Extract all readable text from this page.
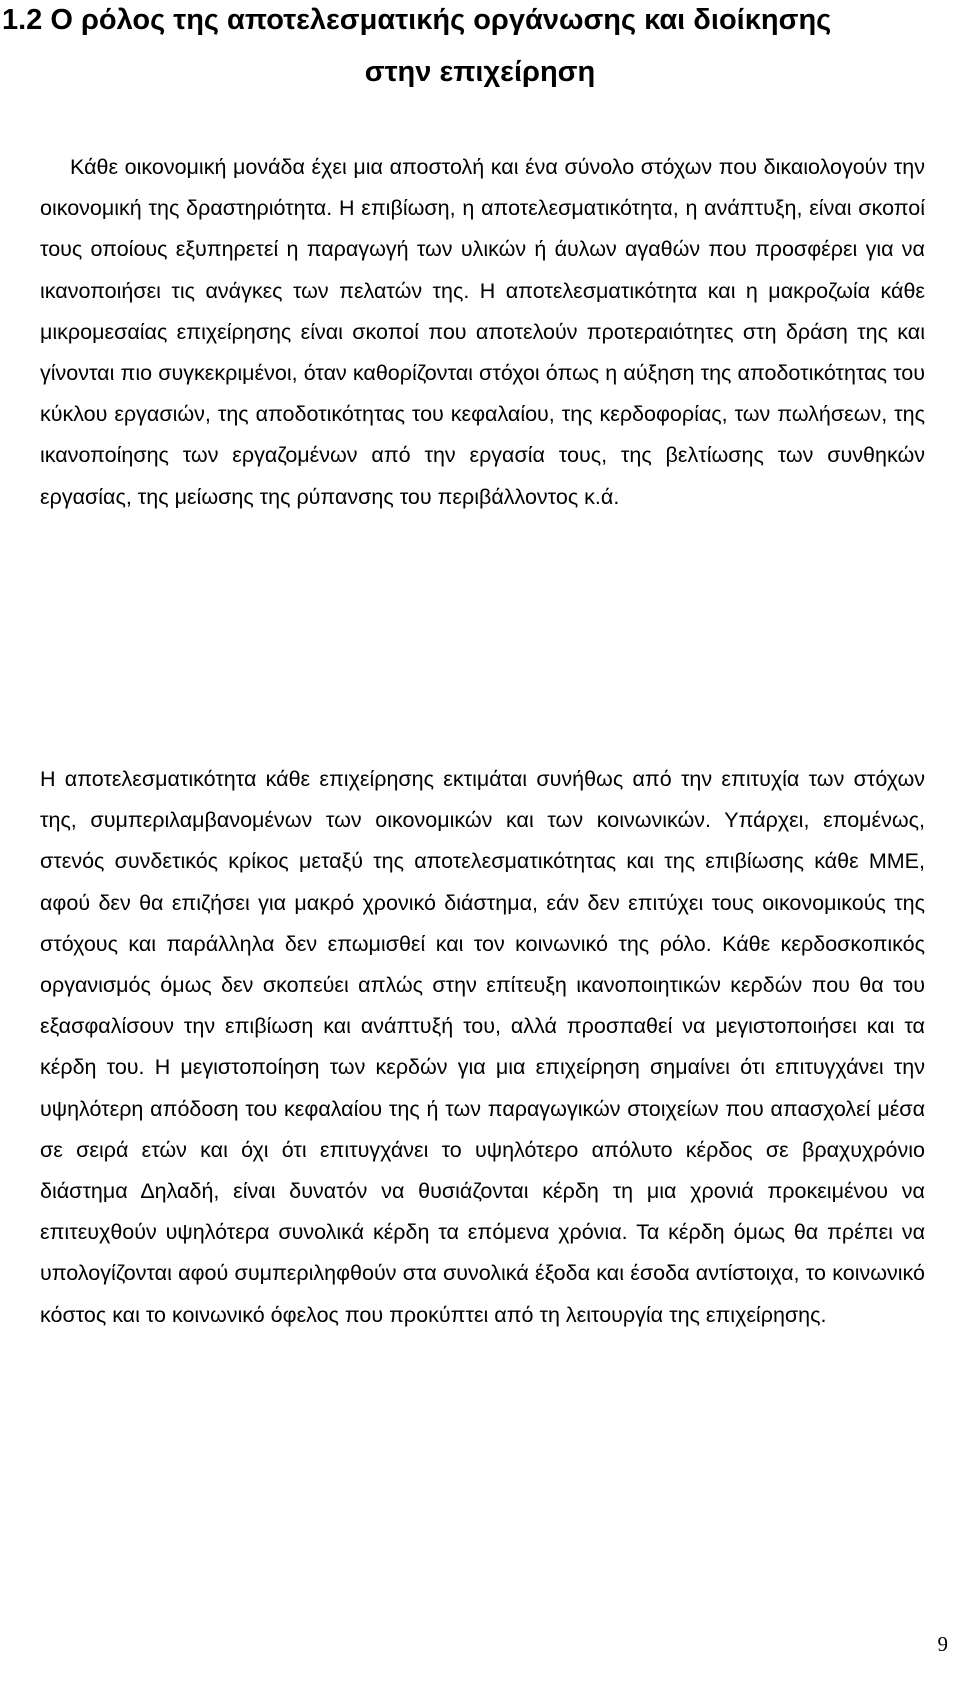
1.2 Ο ρόλος της αποτελεσματικής οργάνωσης και διοίκησης
στην επιχείρηση

Κάθε οικονομική μονάδα έχει μια αποστολή και ένα σύνολο στόχων που δικαιολογούν την οικονομική της δραστηριότητα. Η επιβίωση, η αποτελεσματικότητα, η ανάπτυξη, είναι σκοποί τους οποίους εξυπηρετεί η παραγωγή των υλικών ή άυλων αγαθών που προσφέρει για να ικανοποιήσει τις ανάγκες των πελατών της. Η αποτελεσματικότητα και η μακροζωία κάθε μικρομεσαίας επιχείρησης είναι σκοποί που αποτελούν προτεραιότητες στη δράση της και γίνονται πιο συγκεκριμένοι, όταν καθορίζονται στόχοι όπως η αύξηση της αποδοτικότητας του κύκλου εργασιών, της αποδοτικότητας του κεφαλαίου, της κερδοφορίας, των πωλήσεων, της ικανοποίησης των εργαζομένων από την εργασία τους, της βελτίωσης των συνθηκών εργασίας, της μείωσης της ρύπανσης του περιβάλλοντος κ.ά.

Η αποτελεσματικότητα κάθε επιχείρησης εκτιμάται συνήθως από την επιτυχία των στόχων της, συμπεριλαμβανομένων των οικονομικών και των κοινωνικών. Υπάρχει, επομένως, στενός συνδετικός κρίκος μεταξύ της αποτελεσματικότητας και της επιβίωσης κάθε ΜΜΕ, αφού δεν θα επιζήσει για μακρό χρονικό διάστημα, εάν δεν επιτύχει τους οικονομικούς της στόχους και παράλληλα δεν επωμισθεί και τον κοινωνικό της ρόλο. Κάθε κερδοσκοπικός οργανισμός όμως δεν σκοπεύει απλώς στην επίτευξη ικανοποιητικών κερδών που θα του εξασφαλίσουν την επιβίωση και ανάπτυξή του, αλλά προσπαθεί να μεγιστοποιήσει και τα κέρδη του. Η μεγιστοποίηση των κερδών για μια επιχείρηση σημαίνει ότι επιτυγχάνει την υψηλότερη απόδοση του κεφαλαίου της ή των παραγωγικών στοιχείων που απασχολεί μέσα σε σειρά ετών και όχι ότι επιτυγχάνει το υψηλότερο απόλυτο κέρδος σε βραχυχρόνιο διάστημα Δηλαδή, είναι δυνατόν να θυσιάζονται κέρδη τη μια χρονιά προκειμένου να επιτευχθούν υψηλότερα συνολικά κέρδη τα επόμενα χρόνια. Τα κέρδη όμως θα πρέπει να υπολογίζονται αφού συμπεριληφθούν στα συνολικά έξοδα και έσοδα αντίστοιχα, το κοινωνικό κόστος και το κοινωνικό όφελος που προκύπτει από τη λειτουργία της επιχείρησης.

9
